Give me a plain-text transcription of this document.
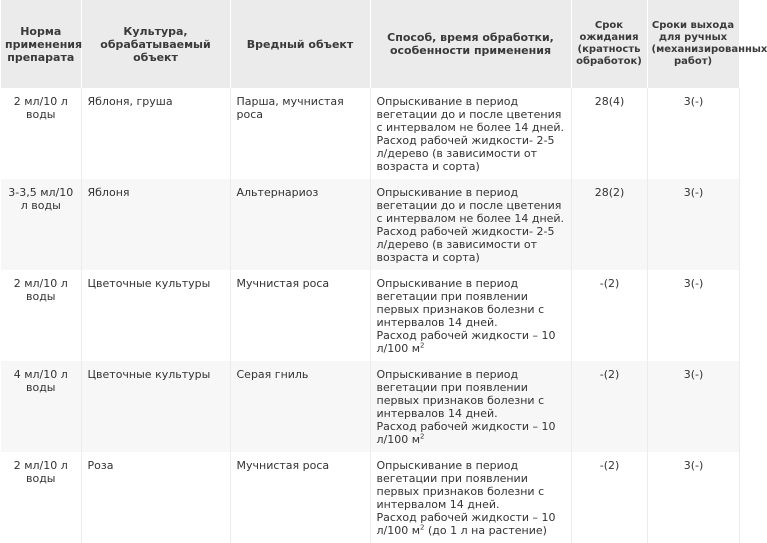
Норма применения препарата	Культура, обрабатываемый объект	Вредный объект	Способ, время обработки, особенности применения	Срок ожидания (кратность обработок)	Сроки выхода для ручных (механизированных работ)
2 мл/10 л воды	Яблоня, груша	Парша, мучнистая роса	Опрыскивание в период вегетации до и после цветения с интервалом не более 14 дней.
Расход рабочей жидкости- 2-5 л/дерево (в зависимости от возраста и сорта)	28(4)	3(-)
3-3,5 мл/10 л воды	Яблоня	Альтернариоз	Опрыскивание в период вегетации до и после цветения с интервалом не более 14 дней.
Расход рабочей жидкости- 2-5 л/дерево (в зависимости от возраста и сорта)	28(2)	3(-)
2 мл/10 л воды	Цветочные культуры	Мучнистая роса	Опрыскивание в период вегетации при появлении первых признаков болезни с интервалов 14 дней.
Расход рабочей жидкости – 10 л/100 $м^2$	-(2)	3(-)
4 мл/10 л воды	Цветочные культуры	Серая гниль	Опрыскивание в период вегетации при появлении первых признаков болезни с интервалов 14 дней.
Расход рабочей жидкости – 10 л/100 $м^2$	-(2)	3(-)
2 мл/10 л воды	Роза	Мучнистая роса	Опрыскивание в период вегетации при появлении первых признаков болезни с интервалом 14 дней.
Расход рабочей жидкости – 10 л/100 $м^2$ (до 1 л на растение)	-(2)	3(-)
